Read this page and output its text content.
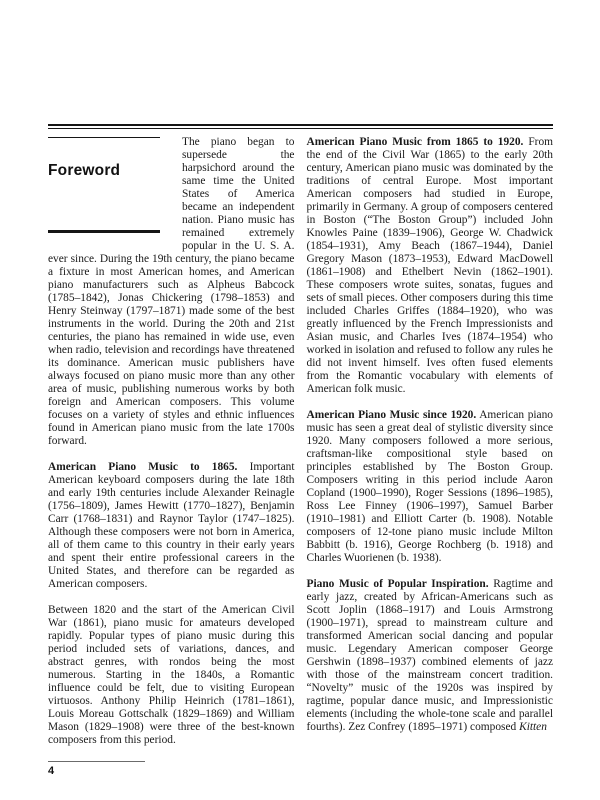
Foreword
The piano began to supersede the harpsichord around the same time the United States of America became an independent nation. Piano music has remained extremely popular in the U. S. A. ever since. During the 19th century, the piano became a fixture in most American homes, and American piano manufacturers such as Alpheus Babcock (1785–1842), Jonas Chickering (1798–1853) and Henry Steinway (1797–1871) made some of the best instruments in the world. During the 20th and 21st centuries, the piano has remained in wide use, even when radio, television and recordings have threatened its dominance. American music publishers have always focused on piano music more than any other area of music, publishing numerous works by both foreign and American composers. This volume focuses on a variety of styles and ethnic influences found in American piano music from the late 1700s forward.

American Piano Music to 1865. Important American keyboard composers during the late 18th and early 19th centuries include Alexander Reinagle (1756–1809), James Hewitt (1770–1827), Benjamin Carr (1768–1831) and Raynor Taylor (1747–1825). Although these composers were not born in America, all of them came to this country in their early years and spent their entire professional careers in the United States, and therefore can be regarded as American composers.

Between 1820 and the start of the American Civil War (1861), piano music for amateurs developed rapidly. Popular types of piano music during this period included sets of variations, dances, and abstract genres, with rondos being the most numerous. Starting in the 1840s, a Romantic influence could be felt, due to visiting European virtuosos. Anthony Philip Heinrich (1781–1861), Louis Moreau Gottschalk (1829–1869) and William Mason (1829–1908) were three of the best-known composers from this period.

American Piano Music from 1865 to 1920. From the end of the Civil War (1865) to the early 20th century, American piano music was dominated by the traditions of central Europe. Most important American composers had studied in Europe, primarily in Germany. A group of composers centered in Boston (“The Boston Group”) included John Knowles Paine (1839–1906), George W. Chadwick (1854–1931), Amy Beach (1867–1944), Daniel Gregory Mason (1873–1953), Edward MacDowell (1861–1908) and Ethelbert Nevin (1862–1901). These composers wrote suites, sonatas, fugues and sets of small pieces. Other composers during this time included Charles Griffes (1884–1920), who was greatly influenced by the French Impressionists and Asian music, and Charles Ives (1874–1954) who worked in isolation and refused to follow any rules he did not invent himself. Ives often fused elements from the Romantic vocabulary with elements of American folk music.

American Piano Music since 1920. American piano music has seen a great deal of stylistic diversity since 1920. Many composers followed a more serious, craftsman-like compositional style based on principles established by The Boston Group. Composers writing in this period include Aaron Copland (1900–1990), Roger Sessions (1896–1985), Ross Lee Finney (1906–1997), Samuel Barber (1910–1981) and Elliott Carter (b. 1908). Notable composers of 12-tone piano music include Milton Babbitt (b. 1916), George Rochberg (b. 1918) and Charles Wuorienen (b. 1938).

Piano Music of Popular Inspiration. Ragtime and early jazz, created by African-Americans such as Scott Joplin (1868–1917) and Louis Armstrong (1900–1971), spread to mainstream culture and transformed American social dancing and popular music. Legendary American composer George Gershwin (1898–1937) combined elements of jazz with those of the mainstream concert tradition. “Novelty” music of the 1920s was inspired by ragtime, popular dance music, and Impressionistic elements (including the whole-tone scale and parallel fourths). Zez Confrey (1895–1971) composed Kitten

4
